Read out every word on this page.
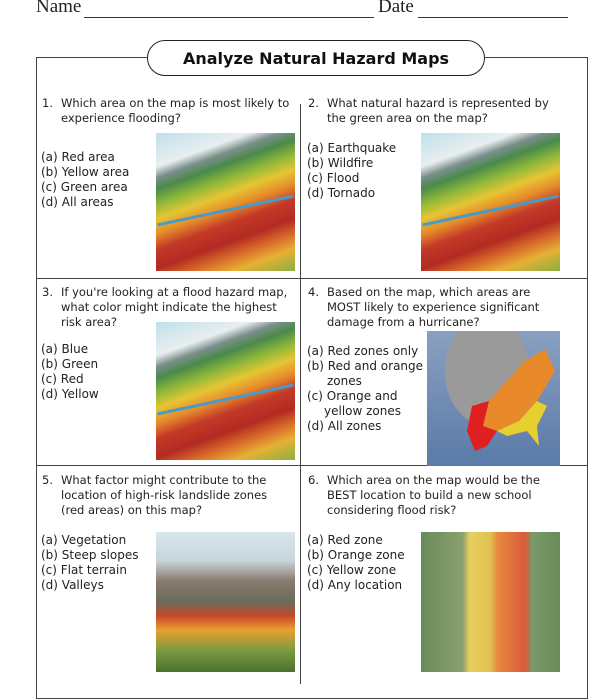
Name	Date
Analyze Natural Hazard Maps
1. Which area on the map is most likely to experience flooding?
(a) Red area
(b) Yellow area
(c) Green area
(d) All areas
2. What natural hazard is represented by the green area on the map?
(a) Earthquake
(b) Wildfire
(c) Flood
(d) Tornado
3. If you're looking at a flood hazard map, what color might indicate the highest risk area?
(a) Blue
(b) Green
(c) Red
(d) Yellow
4. Based on the map, which areas are MOST likely to experience significant damage from a hurricane?
(a) Red zones only
(b) Red and orange
zones
(c) Orange and
yellow zones
(d) All zones
5. What factor might contribute to the location of high-risk landslide zones (red areas) on this map?
(a) Vegetation
(b) Steep slopes
(c) Flat terrain
(d) Valleys
6. Which area on the map would be the BEST location to build a new school considering flood risk?
(a) Red zone
(b) Orange zone
(c) Yellow zone
(d) Any location
